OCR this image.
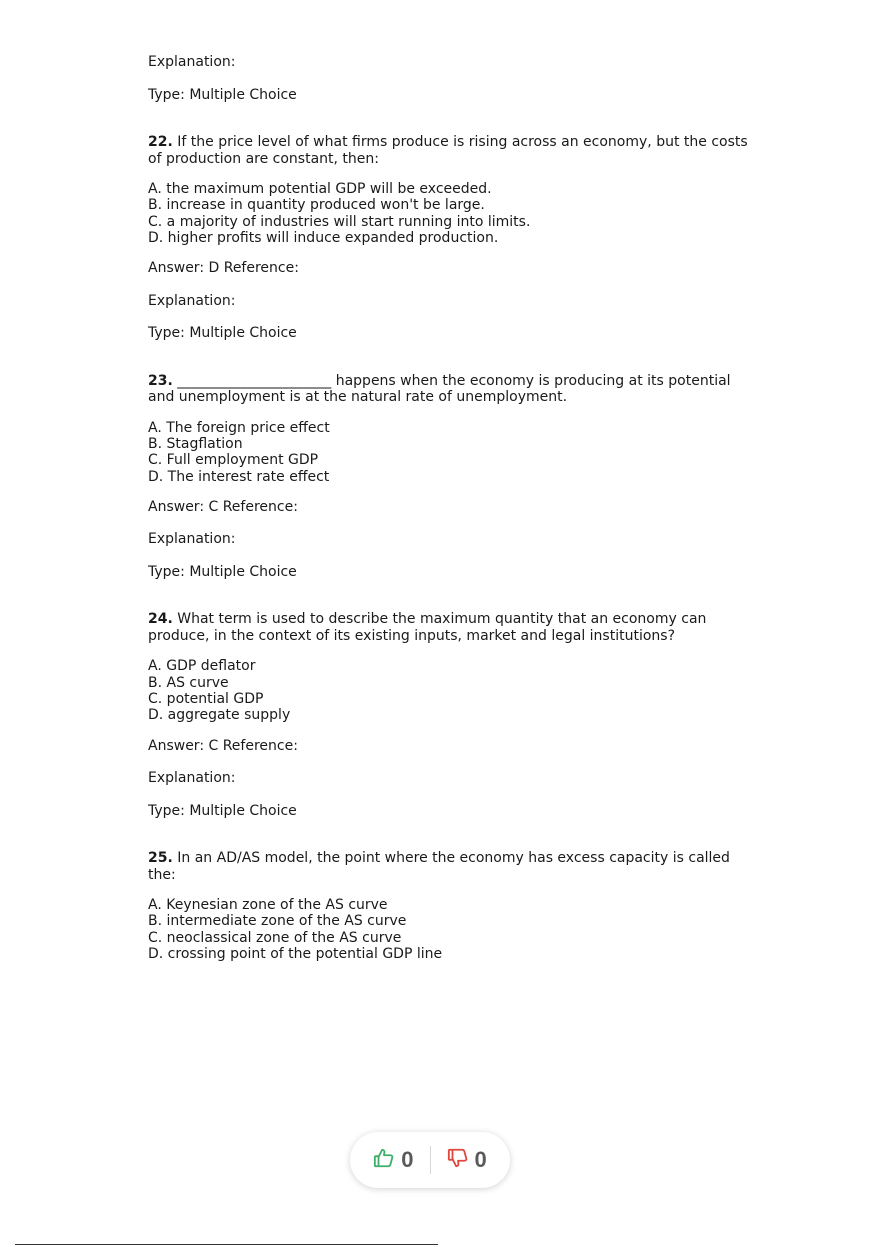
Explanation:

Type: Multiple Choice

22. If the price level of what firms produce is rising across an economy, but the costs

of production are constant, then:

A. the maximum potential GDP will be exceeded.

B. increase in quantity produced won't be large.

C. a majority of industries will start running into limits.

D. higher profits will induce expanded production.

Answer: D Reference:

Explanation:

Type: Multiple Choice

23. ______________________ happens when the economy is producing at its potential

and unemployment is at the natural rate of unemployment.

A. The foreign price effect

B. Stagflation

C. Full employment GDP

D. The interest rate effect

Answer: C Reference:

Explanation:

Type: Multiple Choice

24. What term is used to describe the maximum quantity that an economy can

produce, in the context of its existing inputs, market and legal institutions?

A. GDP deflator

B. AS curve

C. potential GDP

D. aggregate supply

Answer: C Reference:

Explanation:

Type: Multiple Choice

25. In an AD/AS model, the point where the economy has excess capacity is called

the:

A. Keynesian zone of the AS curve

B. intermediate zone of the AS curve

C. neoclassical zone of the AS curve

D. crossing point of the potential GDP line

0	0
